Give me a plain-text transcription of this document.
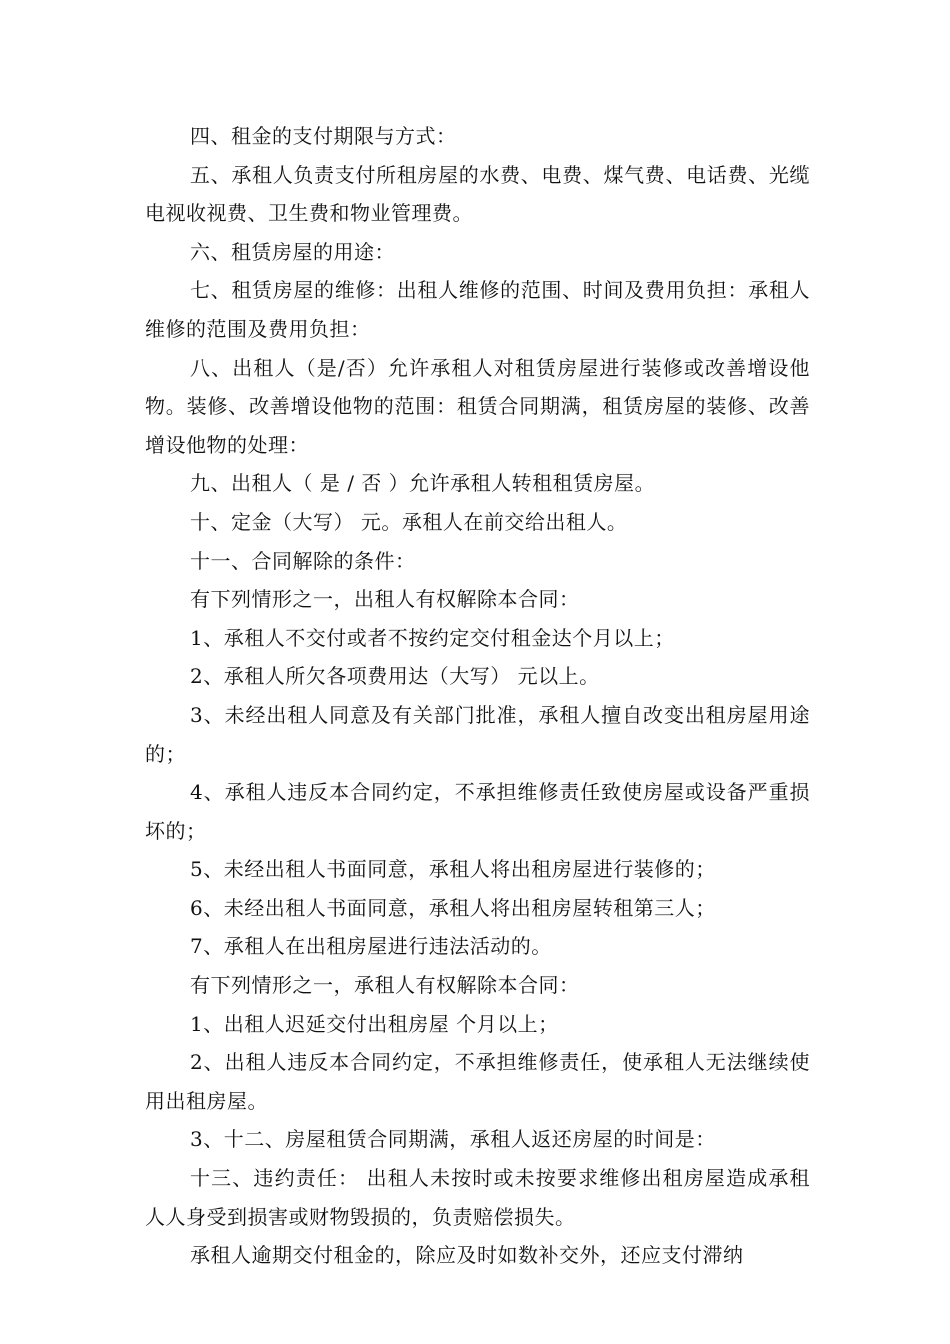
四、租金的支付期限与方式：

五、承租人负责支付所租房屋的水费、电费、煤气费、电话费、光缆电视收视费、卫生费和物业管理费。

六、租赁房屋的用途：

七、租赁房屋的维修：出租人维修的范围、时间及费用负担：承租人维修的范围及费用负担：

八、出租人（是/否）允许承租人对租赁房屋进行装修或改善增设他物。装修、改善增设他物的范围：租赁合同期满，租赁房屋的装修、改善增设他物的处理：

九、出租人（ 是 / 否 ）允许承租人转租租赁房屋。

十、定金（大写） 元。承租人在前交给出租人。

十一、合同解除的条件：

有下列情形之一，出租人有权解除本合同：

1、承租人不交付或者不按约定交付租金达个月以上；

2、承租人所欠各项费用达（大写） 元以上。

3、未经出租人同意及有关部门批准，承租人擅自改变出租房屋用途的；

4、承租人违反本合同约定，不承担维修责任致使房屋或设备严重损坏的；

5、未经出租人书面同意，承租人将出租房屋进行装修的；

6、未经出租人书面同意，承租人将出租房屋转租第三人；

7、承租人在出租房屋进行违法活动的。

有下列情形之一，承租人有权解除本合同：

1、出租人迟延交付出租房屋 个月以上；

2、出租人违反本合同约定，不承担维修责任，使承租人无法继续使用出租房屋。

3、十二、房屋租赁合同期满，承租人返还房屋的时间是：

十三、违约责任： 出租人未按时或未按要求维修出租房屋造成承租人人身受到损害或财物毁损的，负责赔偿损失。

承租人逾期交付租金的，除应及时如数补交外，还应支付滞纳
